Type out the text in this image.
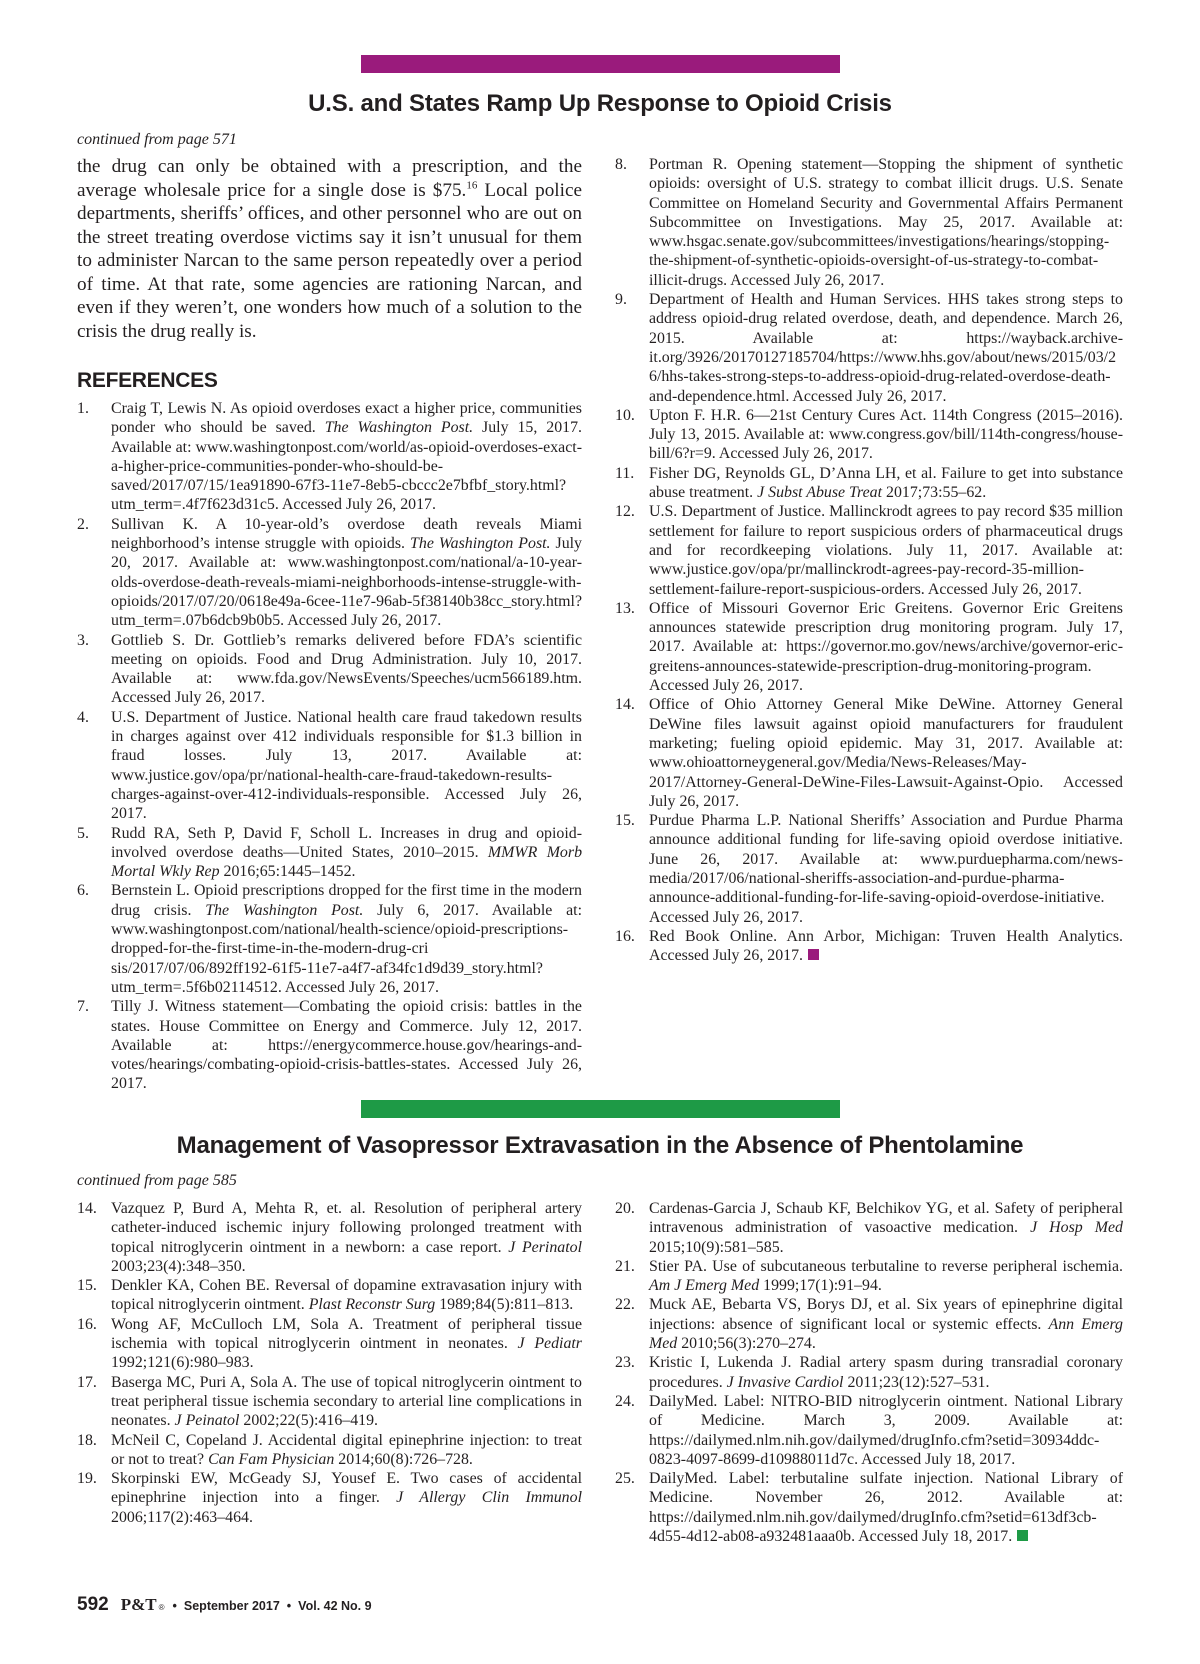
U.S. and States Ramp Up Response to Opioid Crisis
continued from page 571

the drug can only be obtained with a prescription, and the average wholesale price for a single dose is $75.16 Local police departments, sheriffs’ offices, and other personnel who are out on the street treating overdose victims say it isn’t unusual for them to administer Narcan to the same person repeatedly over a period of time. At that rate, some agencies are rationing Narcan, and even if they weren’t, one wonders how much of a solution to the crisis the drug really is.

REFERENCES
1.	Craig T, Lewis N. As opioid overdoses exact a higher price, communities ponder who should be saved. The Washington Post. July 15, 2017. Available at: www.washingtonpost.com/world/as-opioid-overdoses-exact-a-higher-price-communities-ponder-who-should-be-saved/2017/07/15/1ea91890-67f3-11e7-8eb5-cbccc2e7bfbf_story.html?utm_term=.4f7f623d31c5. Accessed July 26, 2017.
2.	Sullivan K. A 10-year-old’s overdose death reveals Miami neighborhood’s intense struggle with opioids. The Washington Post. July 20, 2017. Available at: www.washingtonpost.com/national/a-10-year-olds-overdose-death-reveals-miami-neighborhoods-intense-struggle-with-opioids/2017/07/20/0618e49a-6cee-11e7-96ab-5f38140b38cc_story.html?utm_term=.07b6dcb9b0b5. Accessed July 26, 2017.
3.	Gottlieb S. Dr. Gottlieb’s remarks delivered before FDA’s scientific meeting on opioids. Food and Drug Administration. July 10, 2017. Available at: www.fda.gov/NewsEvents/Speeches/ucm566189.htm. Accessed July 26, 2017.
4.	U.S. Department of Justice. National health care fraud takedown results in charges against over 412 individuals responsible for $1.3 billion in fraud losses. July 13, 2017. Available at: www.justice.gov/opa/pr/national-health-care-fraud-takedown-results-charges-against-over-412-individuals-responsible. Accessed July 26, 2017.
5.	Rudd RA, Seth P, David F, Scholl L. Increases in drug and opioid-involved overdose deaths—United States, 2010–2015. MMWR Morb Mortal Wkly Rep 2016;65:1445–1452.
6.	Bernstein L. Opioid prescriptions dropped for the first time in the modern drug crisis. The Washington Post. July 6, 2017. Available at: www.washingtonpost.com/national/health-science/opioid-prescriptions-dropped-for-the-first-time-in-the-modern-drug-cri sis/2017/07/06/892ff192-61f5-11e7-a4f7-af34fc1d9d39_story.html?utm_term=.5f6b02114512. Accessed July 26, 2017.
7.	Tilly J. Witness statement—Combating the opioid crisis: battles in the states. House Committee on Energy and Commerce. July 12, 2017. Available at: https://energycommerce.house.gov/hearings-and-votes/hearings/combating-opioid-crisis-battles-states. Accessed July 26, 2017.
8.	Portman R. Opening statement—Stopping the shipment of synthetic opioids: oversight of U.S. strategy to combat illicit drugs. U.S. Senate Committee on Homeland Security and Governmental Affairs Permanent Subcommittee on Investigations. May 25, 2017. Available at: www.hsgac.senate.gov/subcommittees/investigations/hearings/stopping-the-shipment-of-synthetic-opioids-oversight-of-us-strategy-to-combat-illicit-drugs. Accessed July 26, 2017.
9.	Department of Health and Human Services. HHS takes strong steps to address opioid-drug related overdose, death, and dependence. March 26, 2015. Available at: https://wayback.archive-it.org/3926/20170127185704/https://www.hhs.gov/about/news/2015/03/26/hhs-takes-strong-steps-to-address-opioid-drug-related-overdose-death-and-dependence.html. Accessed July 26, 2017.
10. Upton F. H.R. 6—21st Century Cures Act. 114th Congress (2015–2016). July 13, 2015. Available at: www.congress.gov/bill/114th-congress/house-bill/6?r=9. Accessed July 26, 2017.
11. Fisher DG, Reynolds GL, D’Anna LH, et al. Failure to get into substance abuse treatment. J Subst Abuse Treat 2017;73:55–62.
12. U.S. Department of Justice. Mallinckrodt agrees to pay record $35 million settlement for failure to report suspicious orders of pharmaceutical drugs and for recordkeeping violations. July 11, 2017. Available at: www.justice.gov/opa/pr/mallinckrodt-agrees-pay-record-35-million-settlement-failure-report-suspicious-orders. Accessed July 26, 2017.
13. Office of Missouri Governor Eric Greitens. Governor Eric Greitens announces statewide prescription drug monitoring program. July 17, 2017. Available at: https://governor.mo.gov/news/archive/governor-eric-greitens-announces-statewide-prescription-drug-monitoring-program. Accessed July 26, 2017.
14. Office of Ohio Attorney General Mike DeWine. Attorney General DeWine files lawsuit against opioid manufacturers for fraudulent marketing; fueling opioid epidemic. May 31, 2017. Available at: www.ohioattorneygeneral.gov/Media/News-Releases/May-2017/Attorney-General-DeWine-Files-Lawsuit-Against-Opio. Accessed July 26, 2017.
15. Purdue Pharma L.P. National Sheriffs’ Association and Purdue Pharma announce additional funding for life-saving opioid overdose initiative. June 26, 2017. Available at: www.purduepharma.com/news-media/2017/06/national-sheriffs-association-and-purdue-pharma-announce-additional-funding-for-life-saving-opioid-overdose-initiative. Accessed July 26, 2017.
16. Red Book Online. Ann Arbor, Michigan: Truven Health Analytics. Accessed July 26, 2017.
Management of Vasopressor Extravasation in the Absence of Phentolamine
continued from page 585
14. Vazquez P, Burd A, Mehta R, et. al. Resolution of peripheral artery catheter-induced ischemic injury following prolonged treatment with topical nitroglycerin ointment in a newborn: a case report. J Perinatol 2003;23(4):348–350.
15. Denkler KA, Cohen BE. Reversal of dopamine extravasation injury with topical nitroglycerin ointment. Plast Reconstr Surg 1989;84(5):811–813.
16. Wong AF, McCulloch LM, Sola A. Treatment of peripheral tissue ischemia with topical nitroglycerin ointment in neonates. J Pediatr 1992;121(6):980–983.
17. Baserga MC, Puri A, Sola A. The use of topical nitroglycerin ointment to treat peripheral tissue ischemia secondary to arterial line complications in neonates. J Peinatol 2002;22(5):416–419.
18. McNeil C, Copeland J. Accidental digital epinephrine injection: to treat or not to treat? Can Fam Physician 2014;60(8):726–728.
19. Skorpinski EW, McGeady SJ, Yousef E. Two cases of accidental epinephrine injection into a finger. J Allergy Clin Immunol 2006;117(2):463–464.
20. Cardenas-Garcia J, Schaub KF, Belchikov YG, et al. Safety of peripheral intravenous administration of vasoactive medication. J Hosp Med 2015;10(9):581–585.
21. Stier PA. Use of subcutaneous terbutaline to reverse peripheral ischemia. Am J Emerg Med 1999;17(1):91–94.
22. Muck AE, Bebarta VS, Borys DJ, et al. Six years of epinephrine digital injections: absence of significant local or systemic effects. Ann Emerg Med 2010;56(3):270–274.
23. Kristic I, Lukenda J. Radial artery spasm during transradial coronary procedures. J Invasive Cardiol 2011;23(12):527–531.
24. DailyMed. Label: NITRO-BID nitroglycerin ointment. National Library of Medicine. March 3, 2009. Available at: https://dailymed.nlm.nih.gov/dailymed/drugInfo.cfm?setid=30934ddc-0823-4097-8699-d10988011d7c. Accessed July 18, 2017.
25. DailyMed. Label: terbutaline sulfate injection. National Library of Medicine. November 26, 2012. Available at: https://dailymed.nlm.nih.gov/dailymed/drugInfo.cfm?setid=613df3cb-4d55-4d12-ab08-a932481aaa0b. Accessed July 18, 2017.
592 P&T ® • September 2017 • Vol. 42 No. 9
